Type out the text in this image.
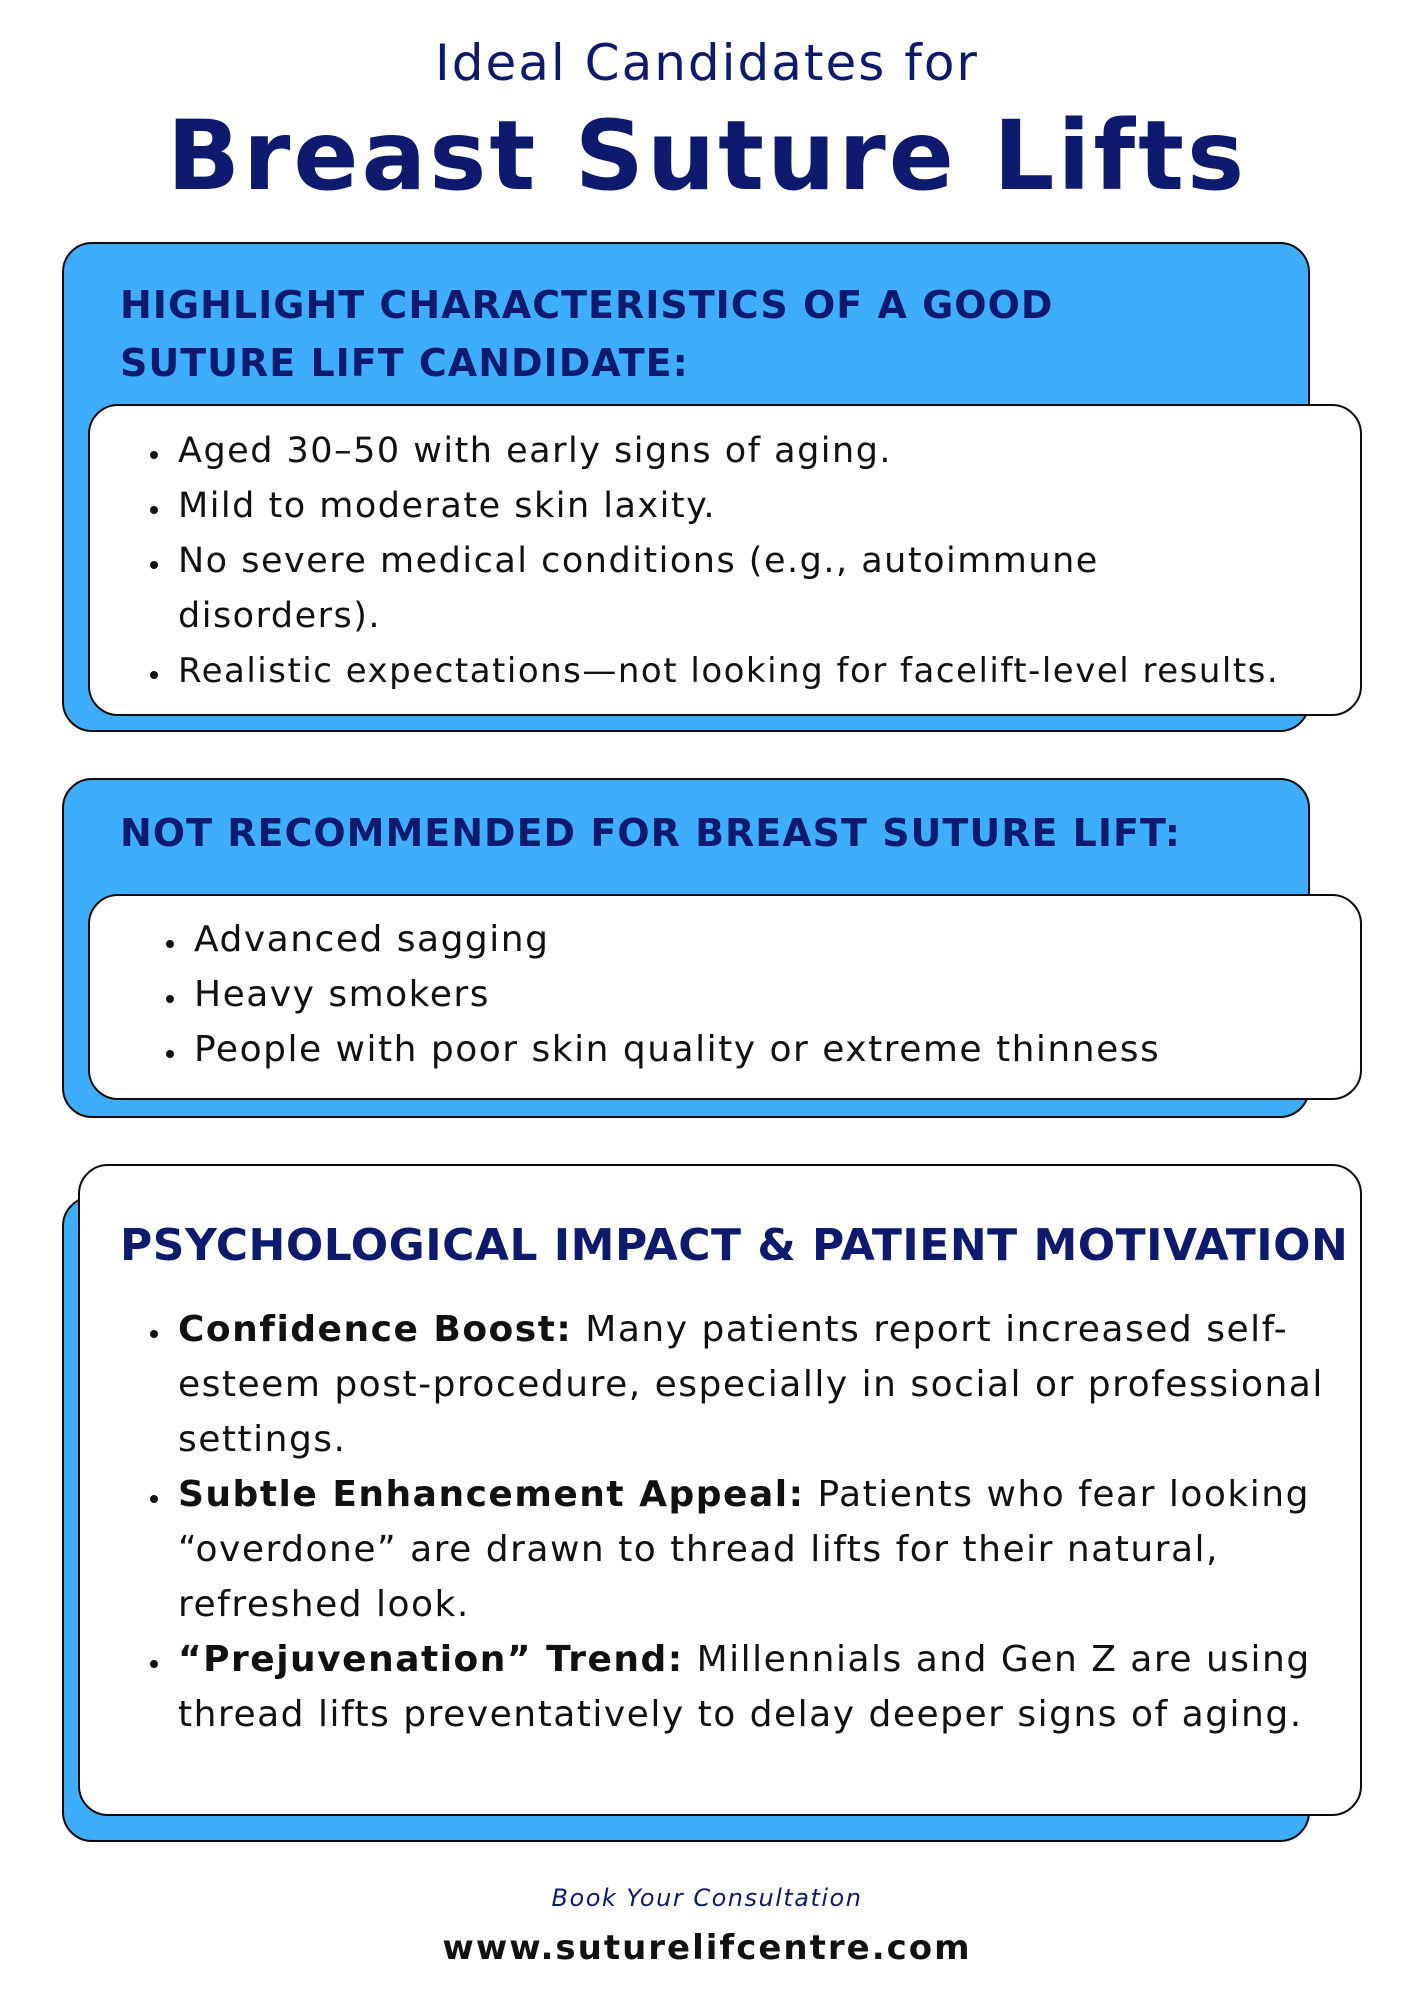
Ideal Candidates for
Breast Suture Lifts
HIGHLIGHT CHARACTERISTICS OF A GOOD
SUTURE LIFT CANDIDATE:
• Aged 30–50 with early signs of aging.
• Mild to moderate skin laxity.
• No severe medical conditions (e.g., autoimmune disorders).
• Realistic expectations—not looking for facelift-level results.
NOT RECOMMENDED FOR BREAST SUTURE LIFT:
• Advanced sagging
• Heavy smokers
• People with poor skin quality or extreme thinness
PSYCHOLOGICAL IMPACT & PATIENT MOTIVATION
• Confidence Boost: Many patients report increased self-esteem post-procedure, especially in social or professional settings.
• Subtle Enhancement Appeal: Patients who fear looking “overdone” are drawn to thread lifts for their natural, refreshed look.
• “Prejuvenation” Trend: Millennials and Gen Z are using thread lifts preventatively to delay deeper signs of aging.
Book Your Consultation
www.suturelifcentre.com
